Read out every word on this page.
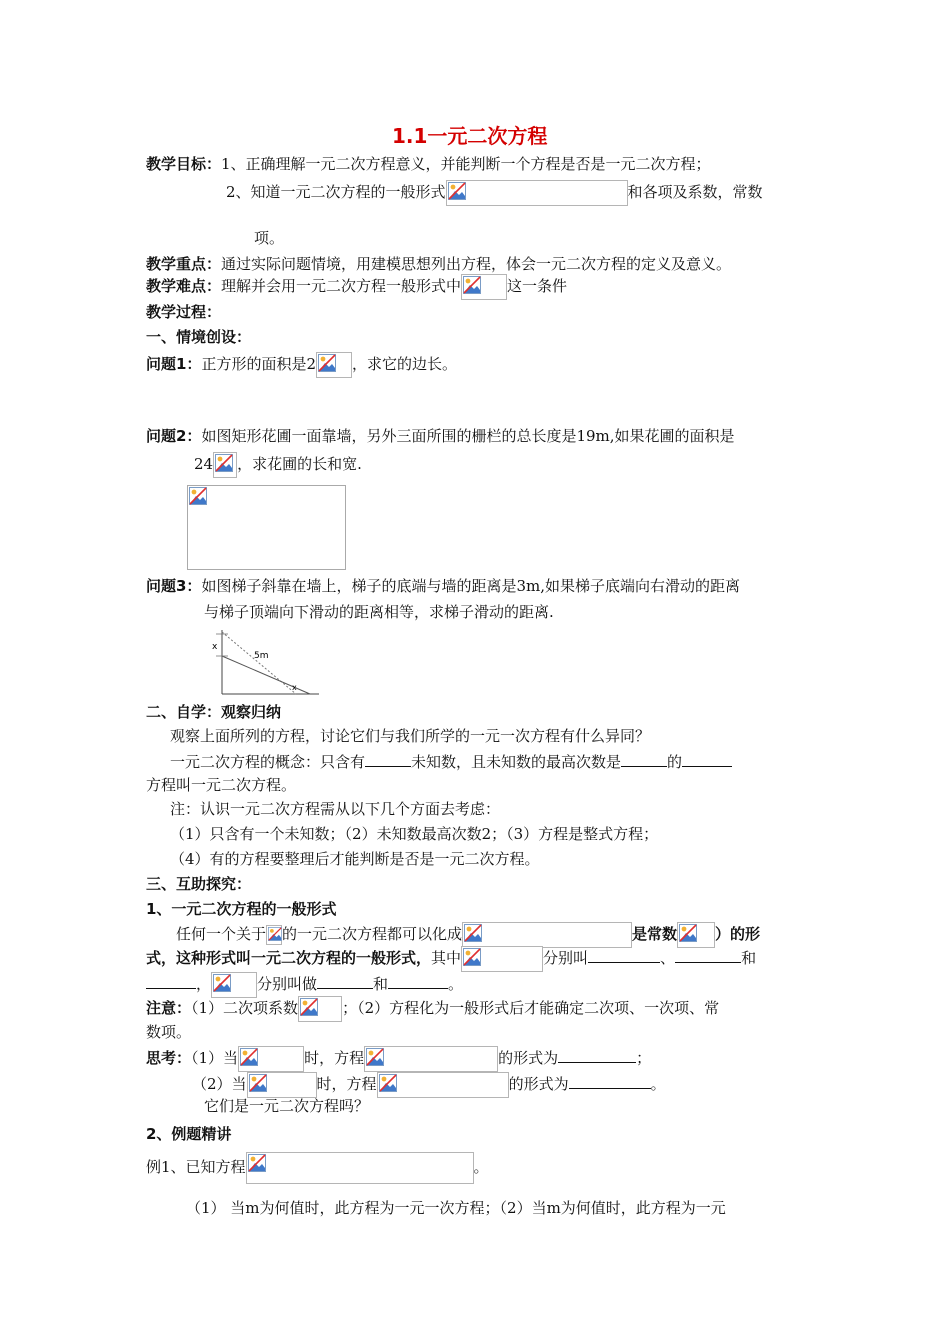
1.1一元二次方程
教学目标：1、正确理解一元二次方程意义，并能判断一个方程是否是一元二次方程；
2、知道一元二次方程的一般形式	和各项及系数，常数
项。
教学重点：通过实际问题情境，用建模思想列出方程，体会一元二次方程的定义及意义。
教学难点：理解并会用一元二次方程一般形式中	这一条件
教学过程：
一、情境创设：
问题1：正方形的面积是2 ，求它的边长。
问题2：如图矩形花圃一面靠墙，另外三面所围的栅栏的总长度是19m,如果花圃的面积是
24 ，求花圃的长和宽.
问题3：如图梯子斜靠在墙上，梯子的底端与墙的距离是3m,如果梯子底端向右滑动的距离
与梯子顶端向下滑动的距离相等，求梯子滑动的距离.
x
5m
x
二、自学：观察归纳
观察上面所列的方程，讨论它们与我们所学的一元一次方程有什么异同？
一元二次方程的概念：只含有	未知数，且未知数的最高次数是	的
方程叫一元二次方程。
注：认识一元二次方程需从以下几个方面去考虑：
（1）只含有一个未知数；（2）未知数最高次数2；（3）方程是整式方程；
（4）有的方程要整理后才能判断是否是一元二次方程。
三、互助探究：
1、一元二次方程的一般形式
任何一个关于 的一元二次方程都可以化成	是常数	）的形
式，这种形式叫一元二次方程的一般形式，其中	分别叫	、	和
，	分别叫做	和	。
注意：（1）二次项系数	；（2）方程化为一般形式后才能确定二次项、一次项、常
数项。
思考：（1）当	时，方程	的形式为	；
（2）当	时，方程	的形式为	。
它们是一元二次方程吗？
2、例题精讲
例1、已知方程	。
（1） 当m为何值时，此方程为一元一次方程；（2）当m为何值时，此方程为一元
